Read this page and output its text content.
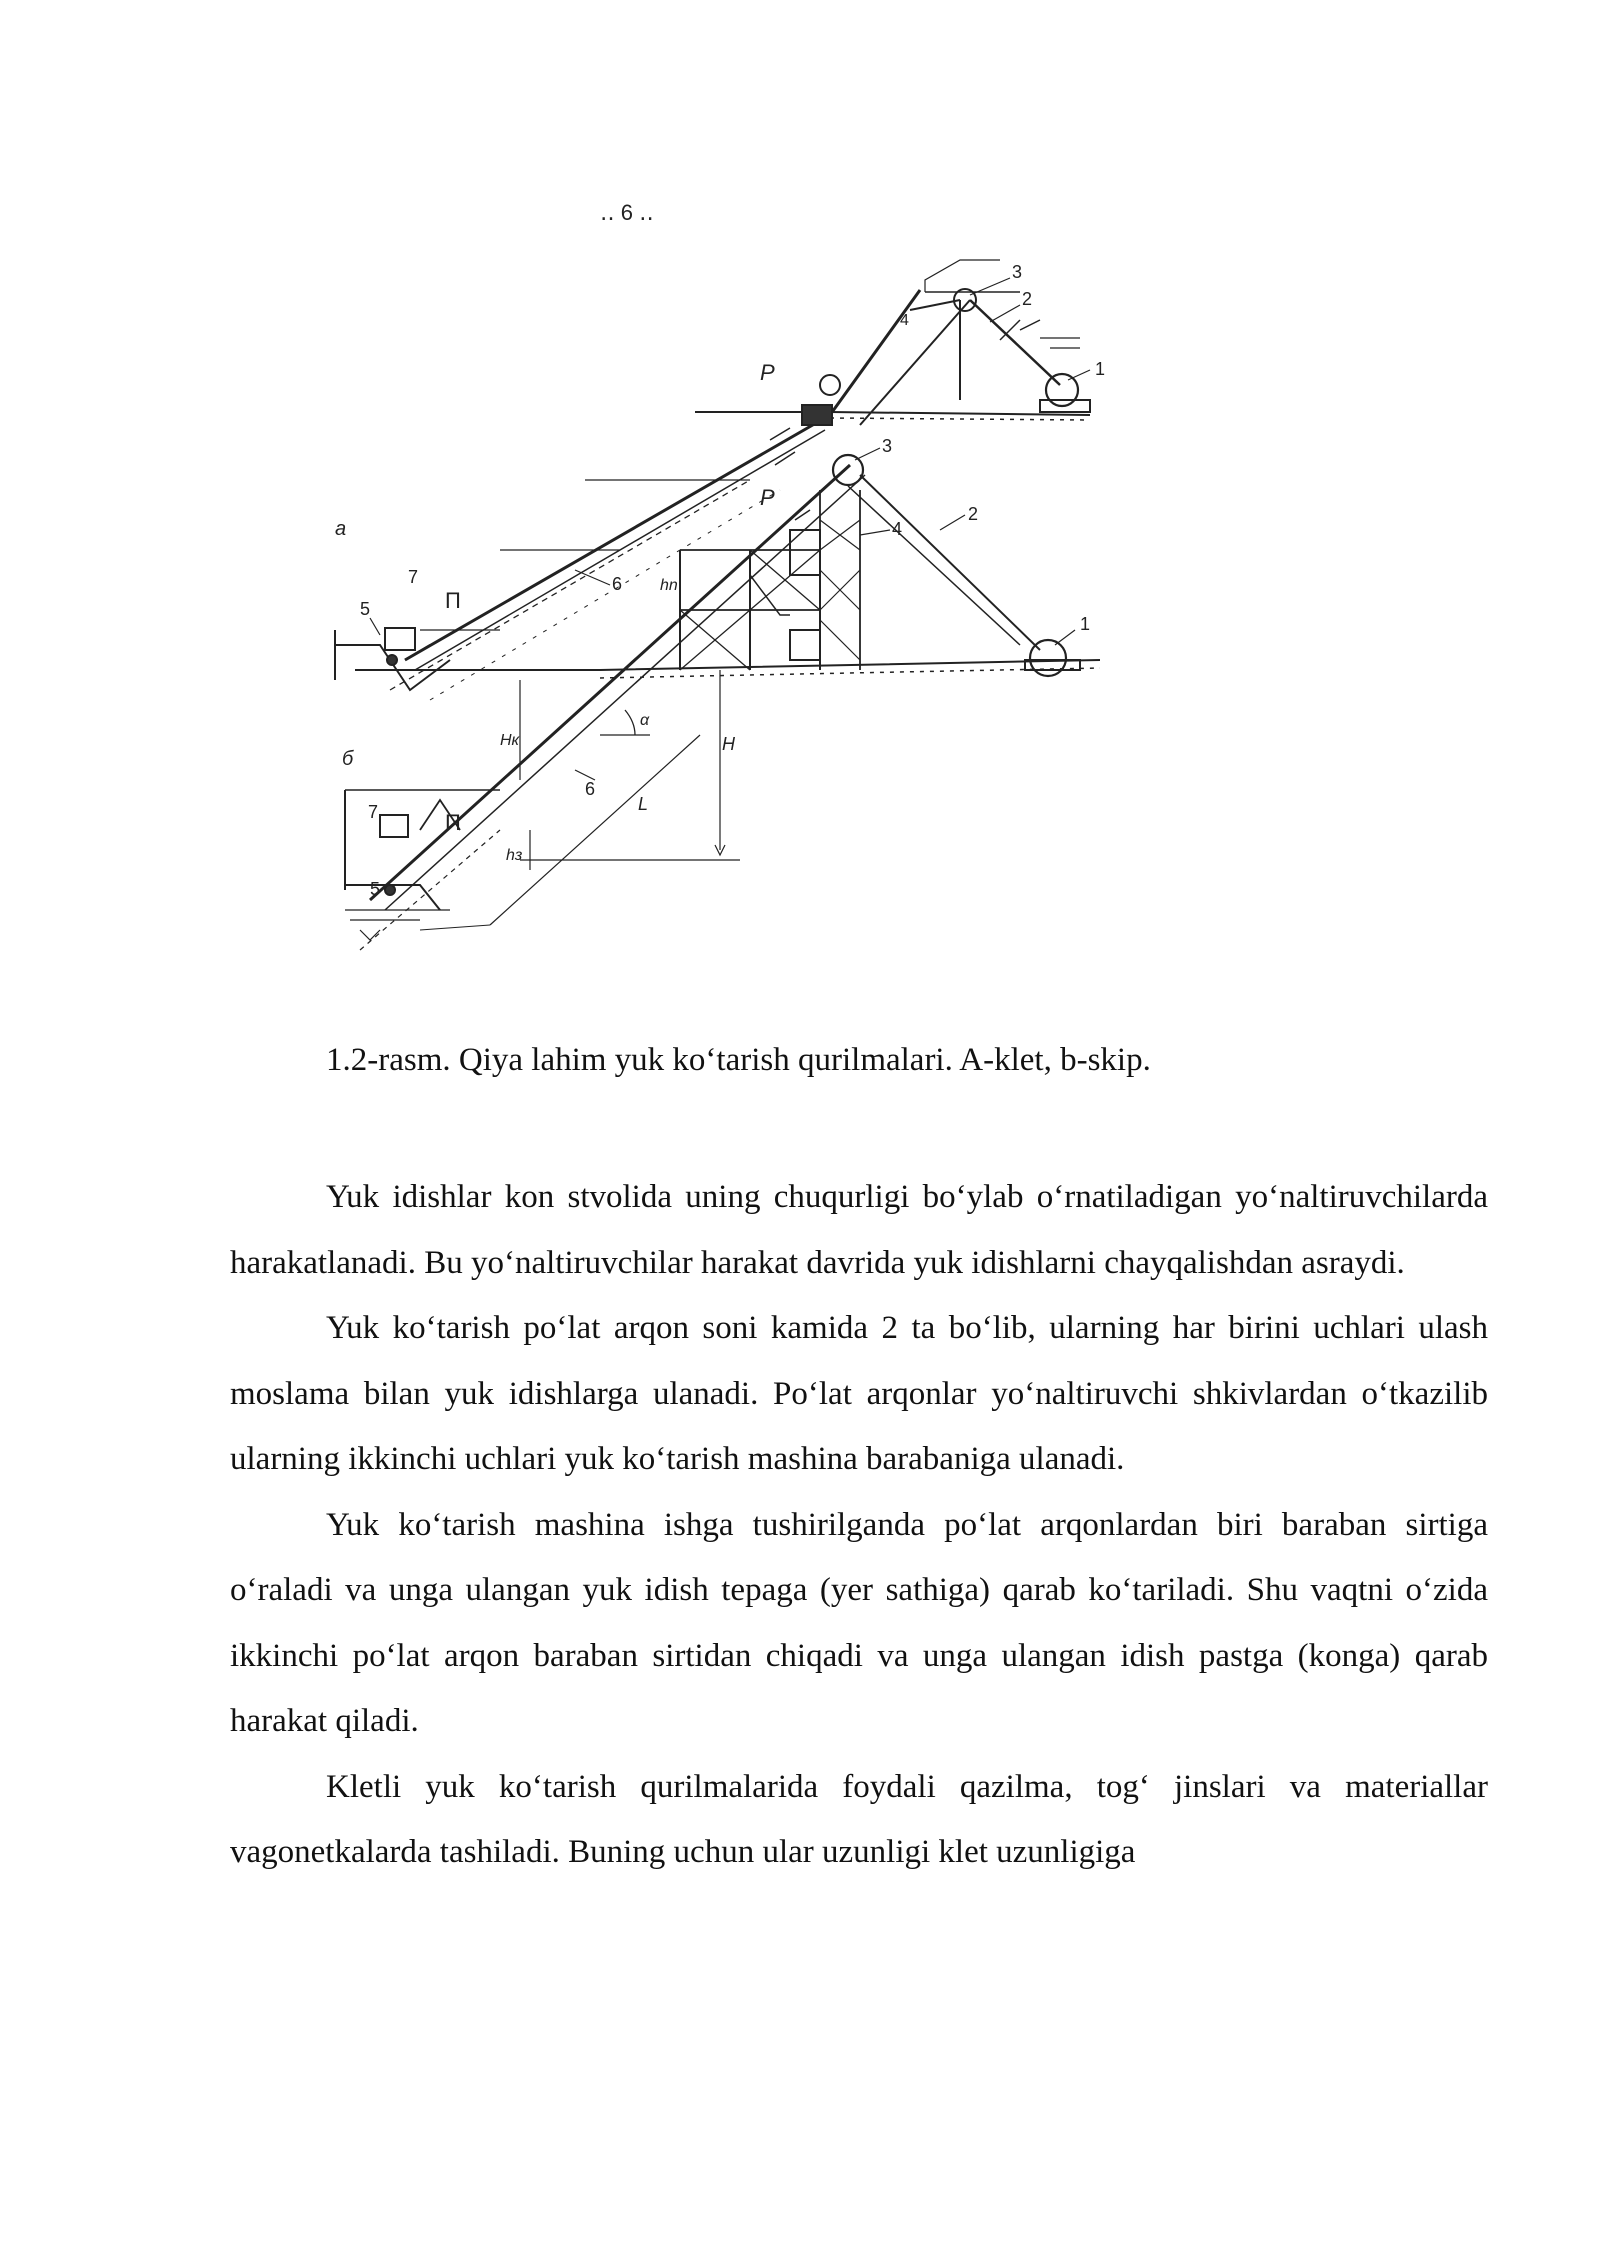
‥ 6 ‥
a
1
2
3
4
5
6
7
P
П
б
1
2
3
4
5
6
7
P
П
H
Hк
hn
hз
L
α
1.2-rasm. Qiya lahim yuk ko‘tarish qurilmalari. A-klet, b-skip.

Yuk idishlar kon stvolida uning chuqurligi bo‘ylab o‘rnatiladigan yo‘naltiruvchilarda harakatlanadi. Bu yo‘naltiruvchilar harakat davrida yuk idishlarni chayqalishdan asraydi.

Yuk ko‘tarish po‘lat arqon soni kamida 2 ta bo‘lib, ularning har birini uchlari ulash moslama bilan yuk idishlarga ulanadi. Po‘lat arqonlar yo‘naltiruvchi shkivlardan o‘tkazilib ularning ikkinchi uchlari yuk ko‘tarish mashina barabaniga ulanadi.

Yuk ko‘tarish mashina ishga tushirilganda po‘lat arqonlardan biri baraban sirtiga o‘raladi va unga ulangan yuk idish tepaga (yer sathiga) qarab ko‘tariladi. Shu vaqtni o‘zida ikkinchi po‘lat arqon baraban sirtidan chiqadi va unga ulangan idish pastga (konga) qarab harakat qiladi.

Kletli yuk ko‘tarish qurilmalarida foydali qazilma, tog‘ jinslari va materiallar vagonetkalarda tashiladi. Buning uchun ular uzunligi klet uzunligiga
